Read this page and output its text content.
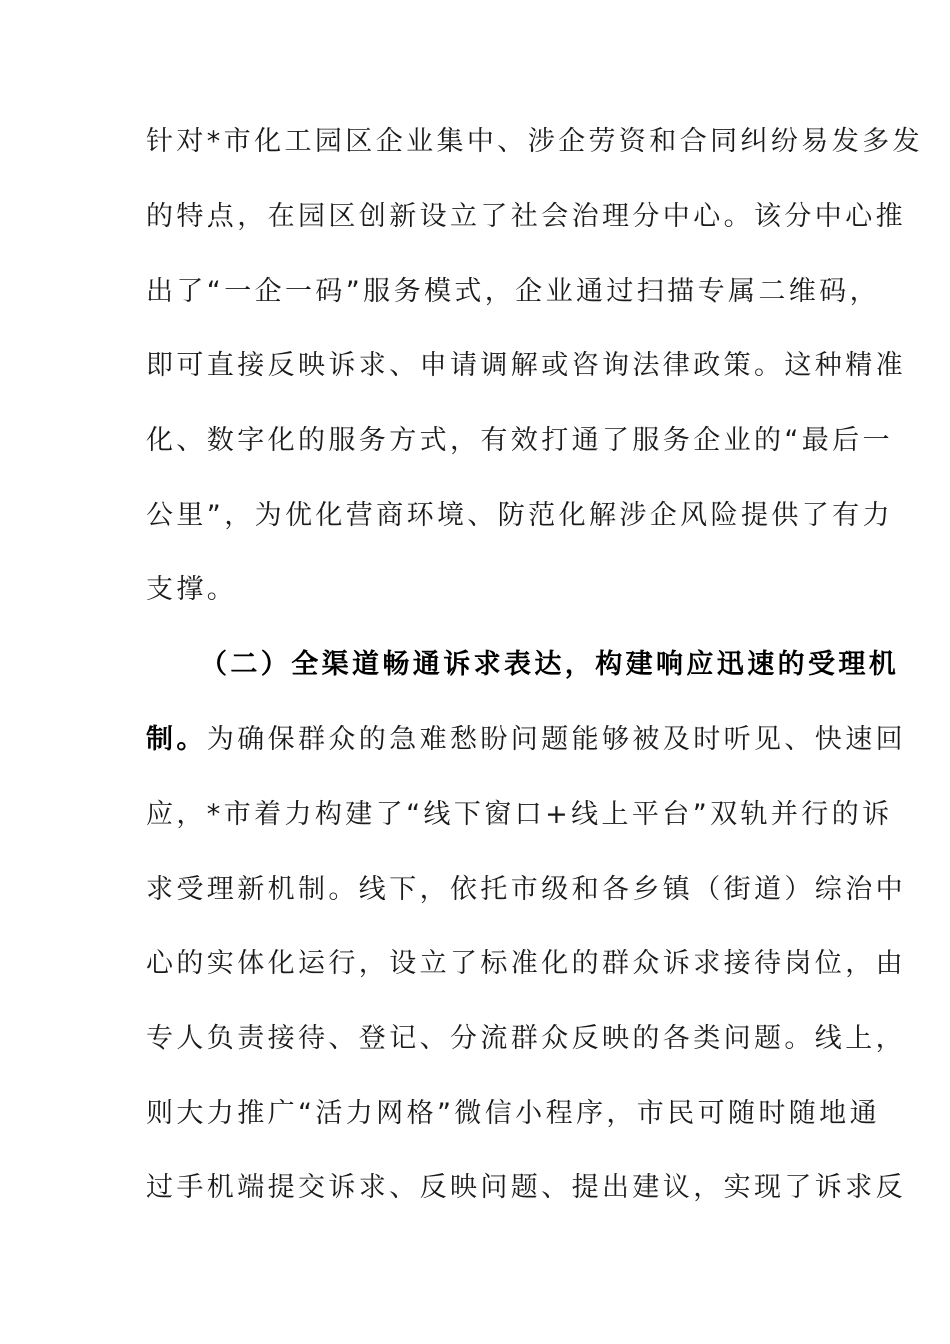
针对*市化工园区企业集中、涉企劳资和合同纠纷易发多发
的特点，在园区创新设立了社会治理分中心。该分中心推
出了“一企一码”服务模式，企业通过扫描专属二维码，
即可直接反映诉求、申请调解或咨询法律政策。这种精准
化、数字化的服务方式，有效打通了服务企业的“最后一
公里”，为优化营商环境、防范化解涉企风险提供了有力
支撑。
（二）全渠道畅通诉求表达，构建响应迅速的受理机
制。为确保群众的急难愁盼问题能够被及时听见、快速回
应，*市着力构建了“线下窗口+线上平台”双轨并行的诉
求受理新机制。线下，依托市级和各乡镇（街道）综治中
心的实体化运行，设立了标准化的群众诉求接待岗位，由
专人负责接待、登记、分流群众反映的各类问题。线上，
则大力推广“活力网格”微信小程序，市民可随时随地通
过手机端提交诉求、反映问题、提出建议，实现了诉求反
